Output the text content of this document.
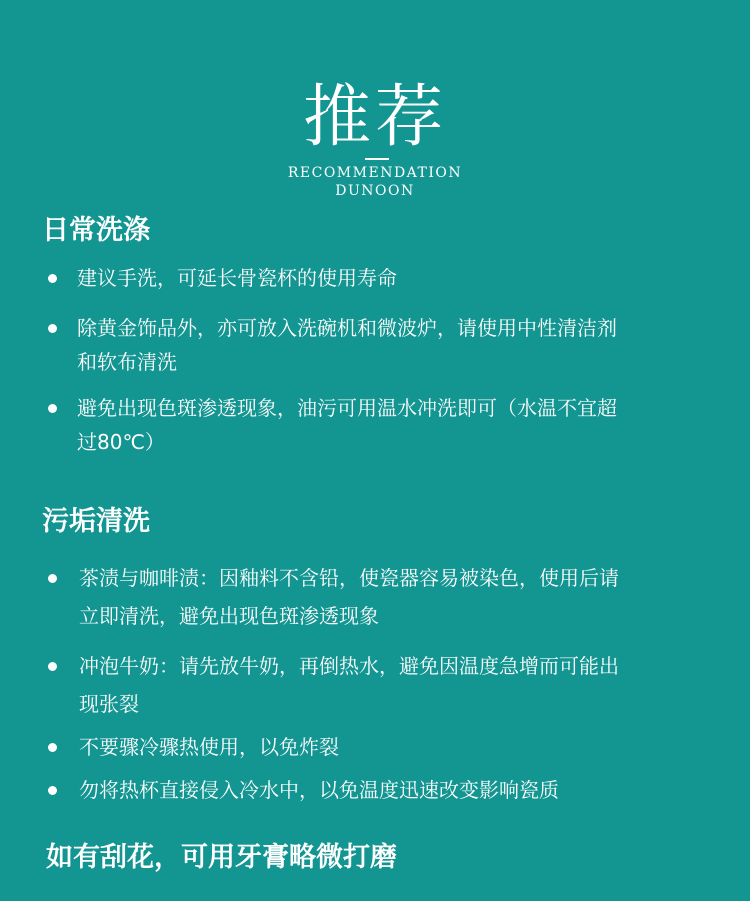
推荐
RECOMMENDATION
DUNOON
日常洗涤
建议手洗，可延长骨瓷杯的使用寿命
除黄金饰品外，亦可放入洗碗机和微波炉，请使用中性清洁剂
和软布清洗
避免出现色斑渗透现象，油污可用温水冲洗即可（水温不宜超
过80℃）
污垢清洗
茶渍与咖啡渍：因釉料不含铅，使瓷器容易被染色，使用后请
立即清洗，避免出现色斑渗透现象
冲泡牛奶：请先放牛奶，再倒热水，避免因温度急增而可能出
现张裂
不要骤冷骤热使用，以免炸裂
勿将热杯直接侵入冷水中，以免温度迅速改变影响瓷质
如有刮花，可用牙膏略微打磨
